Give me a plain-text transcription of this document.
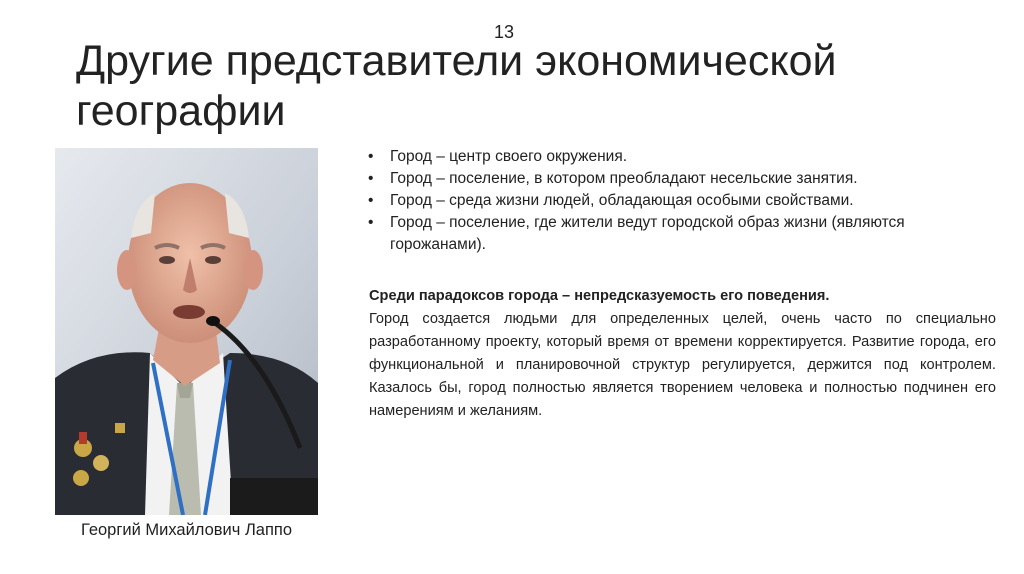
13
Другие представители экономической географии
Георгий Михайлович Лаппо
• Город – центр своего окружения.
• Город – поселение, в котором преобладают несельские занятия.
• Город – среда жизни людей, обладающая особыми свойствами.
• Город – поселение, где жители ведут городской образ жизни (являются горожанами).
Среди парадоксов города – непредсказуемость его поведения.
Город создается людьми для определенных целей, очень часто по специально разработанному проекту, который время от времени корректируется. Развитие города, его функциональной и планировочной структур регулируется, держится под контролем. Казалось бы, город полностью является творением человека и полностью подчинен его намерениям и желаниям.
